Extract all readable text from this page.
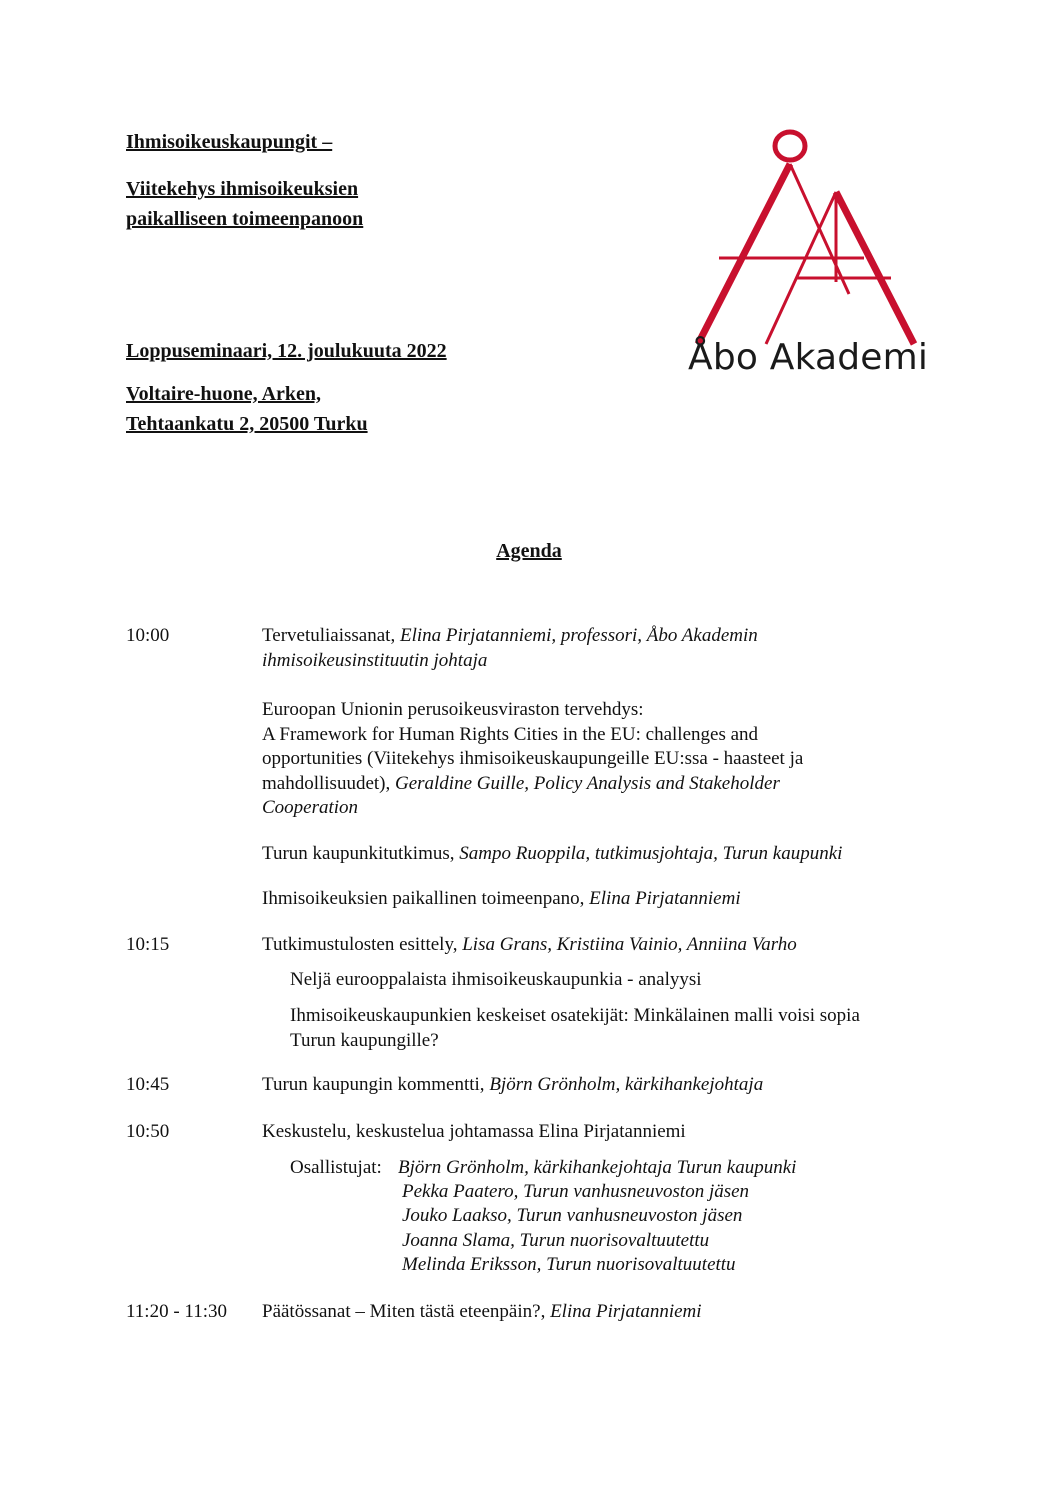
Ihmisoikeuskaupungit –
Viitekehys ihmisoikeuksien
paikalliseen toimeenpanoon
Loppuseminaari, 12. joulukuuta 2022
Voltaire-huone, Arken,
Tehtaankatu 2, 20500 Turku
Åbo Akademi
Agenda
10:00	Tervetuliaissanat, Elina Pirjatanniemi, professori, Åbo Akademin
ihmisoikeusinstituutin johtaja
Euroopan Unionin perusoikeusviraston tervehdys:
A Framework for Human Rights Cities in the EU: challenges and
opportunities (Viitekehys ihmisoikeuskaupungeille EU:ssa - haasteet ja
mahdollisuudet), Geraldine Guille, Policy Analysis and Stakeholder
Cooperation
Turun kaupunkitutkimus, Sampo Ruoppila, tutkimusjohtaja, Turun kaupunki
Ihmisoikeuksien paikallinen toimeenpano, Elina Pirjatanniemi
10:15	Tutkimustulosten esittely, Lisa Grans, Kristiina Vainio, Anniina Varho
Neljä eurooppalaista ihmisoikeuskaupunkia - analyysi
Ihmisoikeuskaupunkien keskeiset osatekijät: Minkälainen malli voisi sopia
Turun kaupungille?
10:45	Turun kaupungin kommentti, Björn Grönholm, kärkihankejohtaja
10:50	Keskustelu, keskustelua johtamassa Elina Pirjatanniemi
Osallistujat: Björn Grönholm, kärkihankejohtaja Turun kaupunki
Pekka Paatero, Turun vanhusneuvoston jäsen
Jouko Laakso, Turun vanhusneuvoston jäsen
Joanna Slama, Turun nuorisovaltuutettu
Melinda Eriksson, Turun nuorisovaltuutettu
11:20 - 11:30 Päätössanat – Miten tästä eteenpäin?, Elina Pirjatanniemi
